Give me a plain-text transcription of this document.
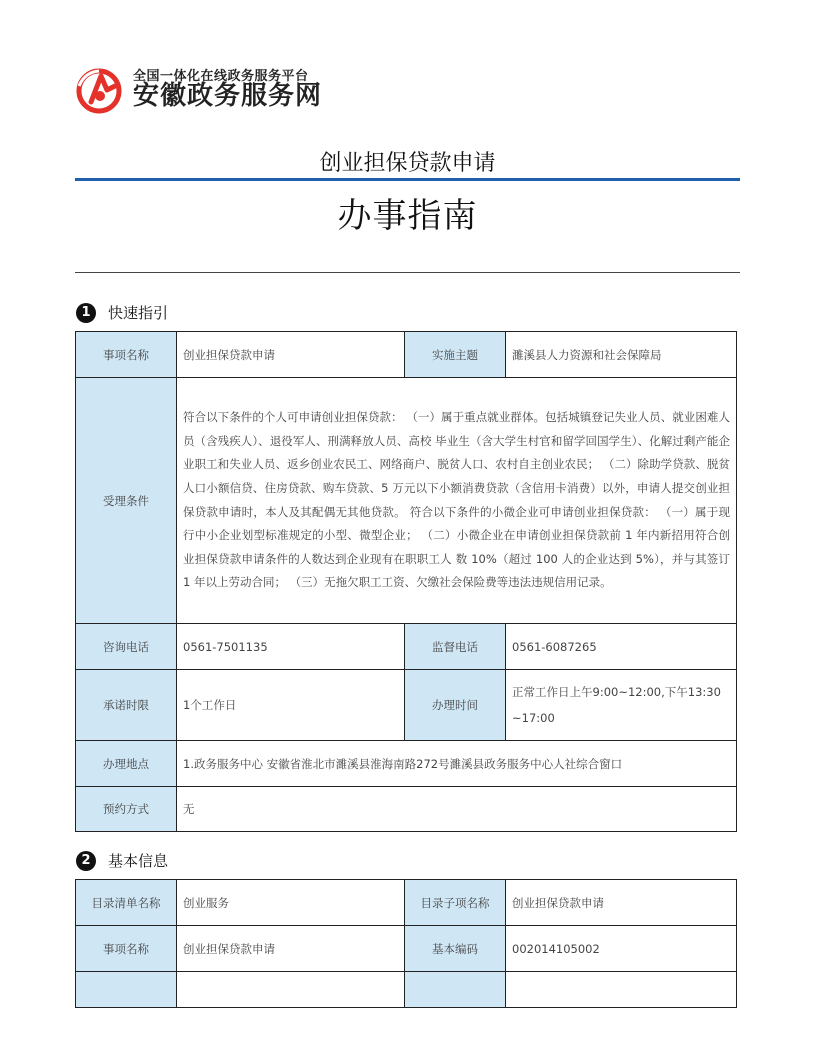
全国一体化在线政务服务平台
安徽政务服务网
创业担保贷款申请
办事指南
1	快速指引
事项名称	创业担保贷款申请	实施主题	濉溪县人力资源和社会保障局
受理条件	符合以下条件的个人可申请创业担保贷款： （一）属于重点就业群体。包括城镇登记失业人员、就业困难人员（含残疾人）、退役军人、刑满释放人员、高校 毕业生（含大学生村官和留学回国学生）、化解过剩产能企业职工和失业人员、返乡创业农民工、网络商户、脱贫人口、农村自主创业农民； （二）除助学贷款、脱贫人口小额信贷、住房贷款、购车贷款、5 万元以下小额消费贷款（含信用卡消费）以外，申请人提交创业担保贷款申请时，本人及其配偶无其他贷款。 符合以下条件的小微企业可申请创业担保贷款： （一）属于现行中小企业划型标准规定的小型、微型企业； （二）小微企业在申请创业担保贷款前 1 年内新招用符合创业担保贷款申请条件的人数达到企业现有在职职工人 数 10%（超过 100 人的企业达到 5%），并与其签订 1 年以上劳动合同； （三）无拖欠职工工资、欠缴社会保险费等违法违规信用记录。		
咨询电话	0561-7501135	监督电话	0561-6087265
承诺时限	1个工作日	办理时间	正常工作日上午9:00~12:00,下午13:30~17:00
办理地点	1.政务服务中心 安徽省淮北市濉溪县淮海南路272号濉溪县政务服务中心人社综合窗口		
预约方式	无		
2	基本信息
目录清单名称	创业服务	目录子项名称	创业担保贷款申请
事项名称	创业担保贷款申请	基本编码	002014105002
